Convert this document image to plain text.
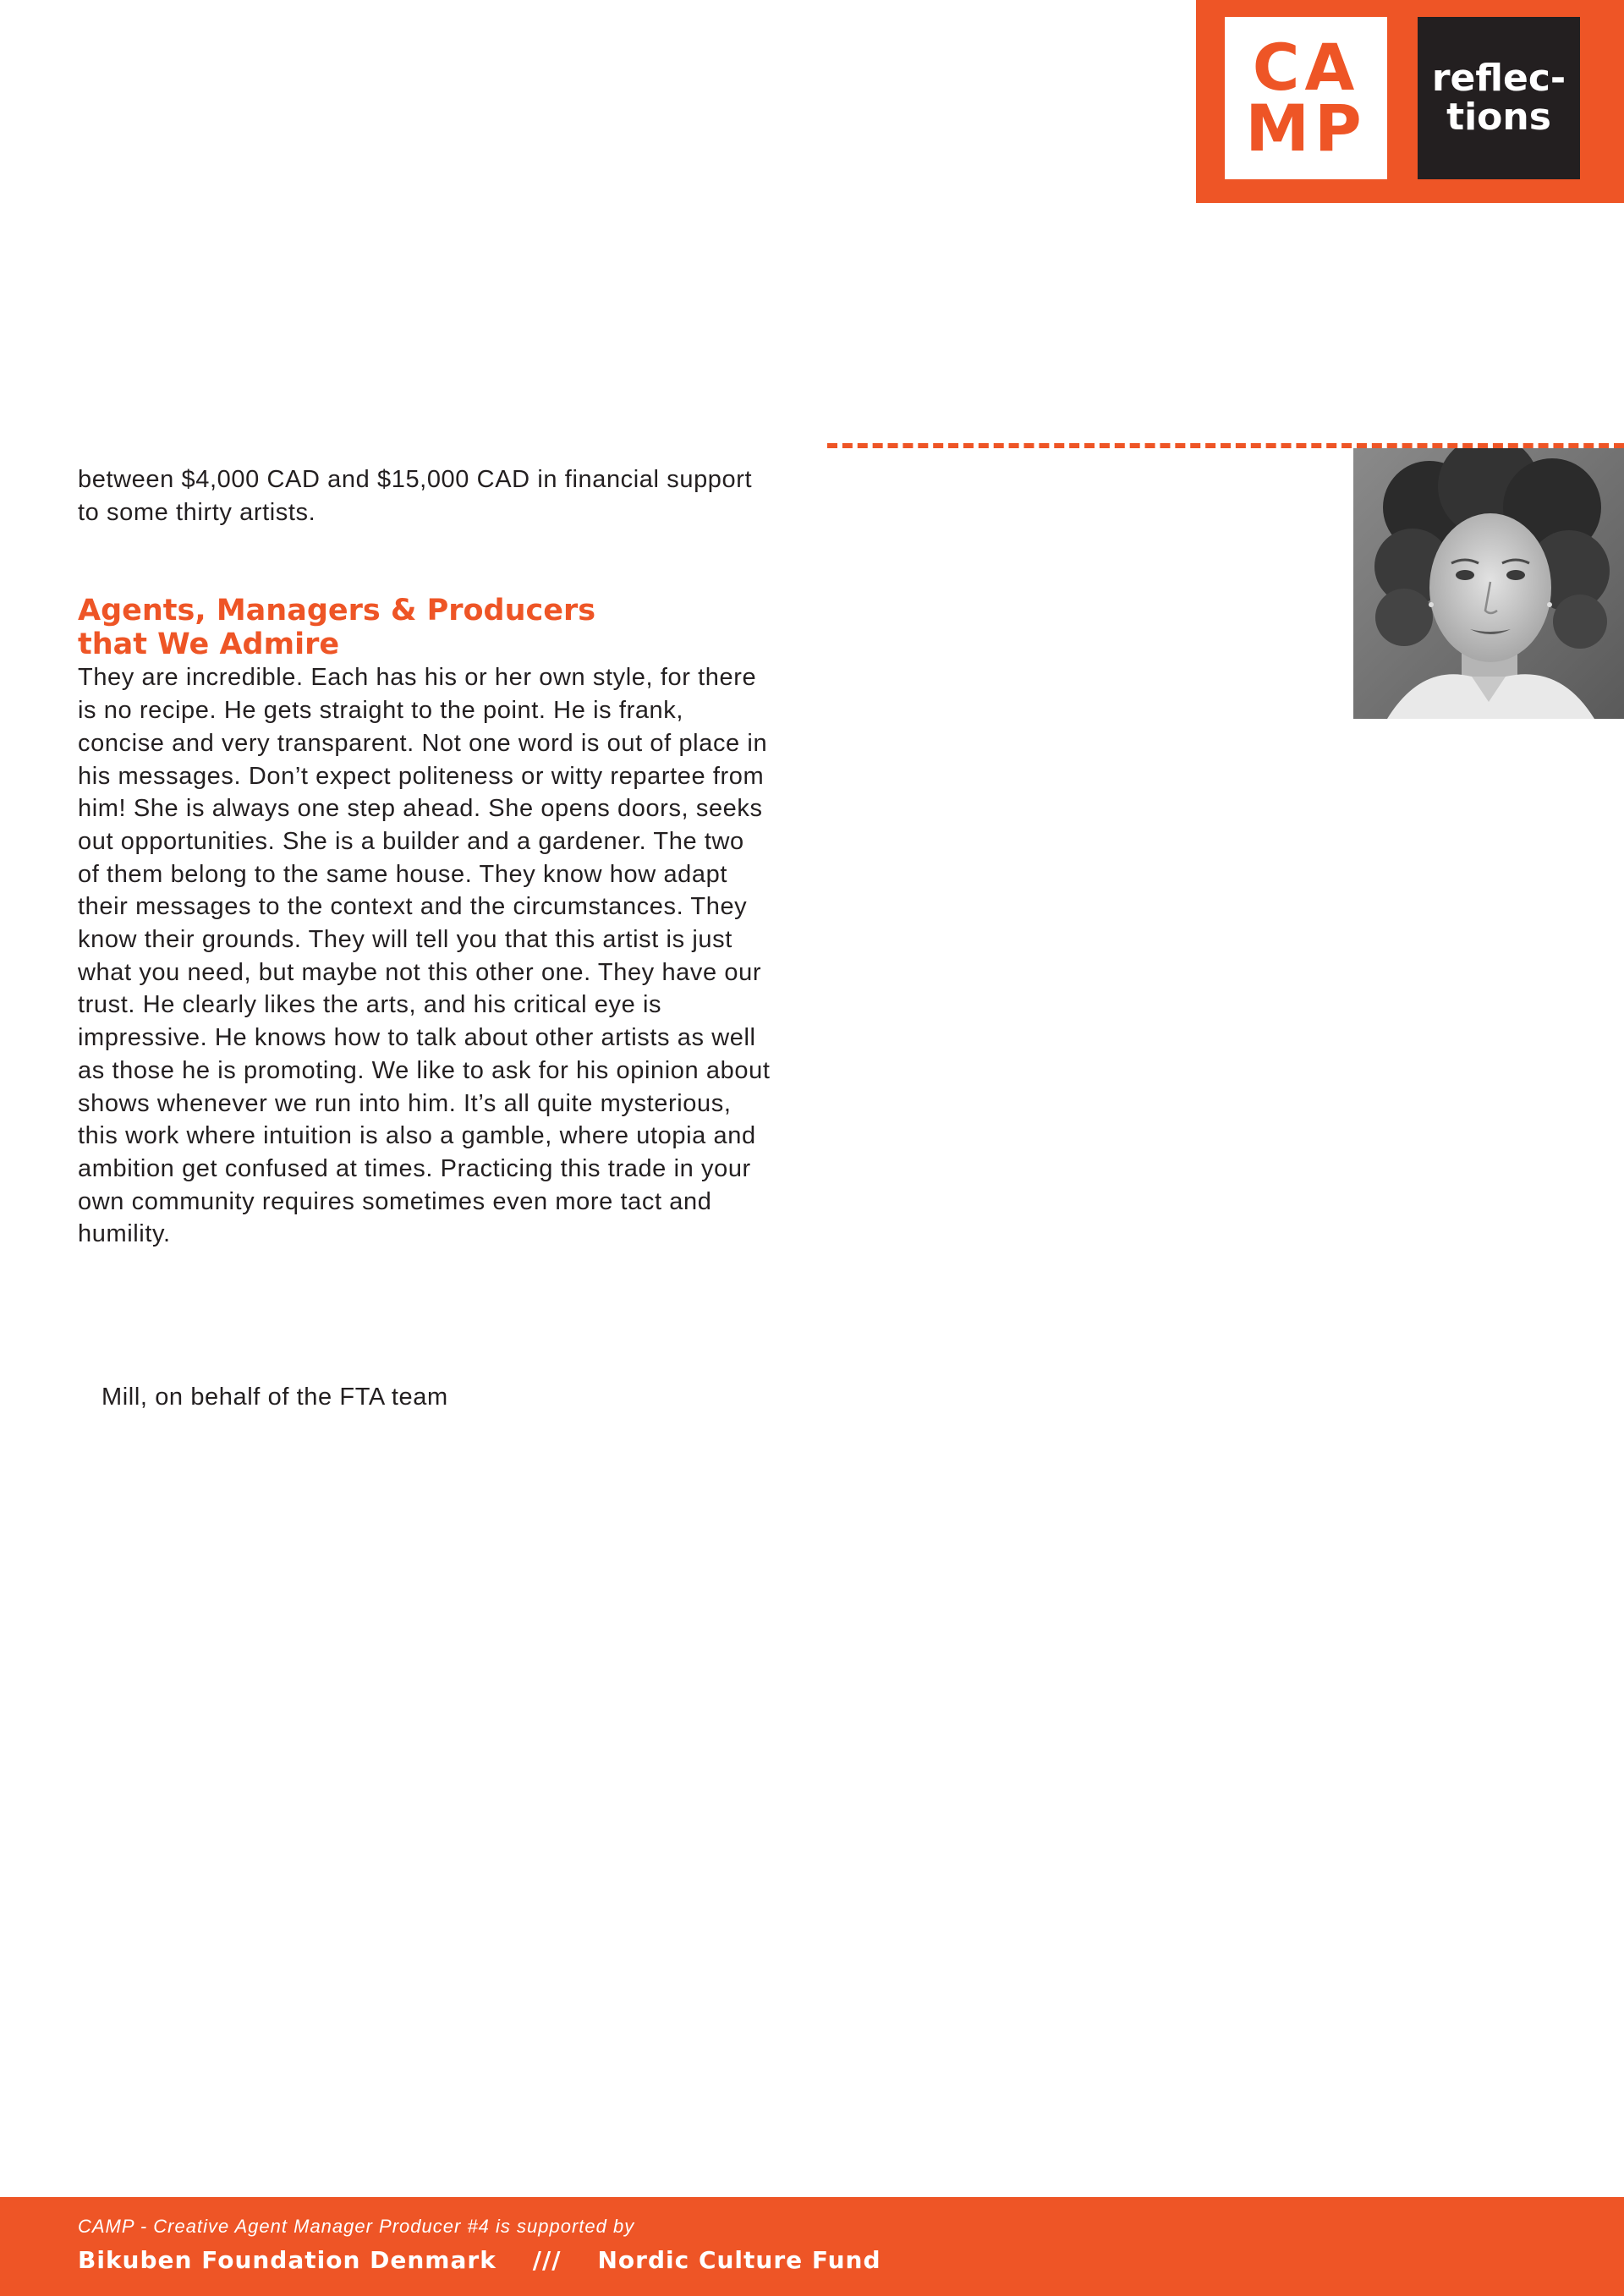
CA
MP
reflec-
tions

between $4,000 CAD and $15,000 CAD in financial support to some thirty artists.

Agents, Managers & Producers
that We Admire

They are incredible. Each has his or her own style, for there is no recipe. He gets straight to the point. He is frank, concise and very transparent. Not one word is out of place in his messages. Don’t expect politeness or witty repartee from him! She is always one step ahead. She opens doors, seeks out opportunities. She is a builder and a gardener. The two of them belong to the same house. They know how adapt their messages to the context and the circumstances. They know their grounds. They will tell you that this artist is just what you need, but maybe not this other one. They have our trust. He clearly likes the arts, and his critical eye is impressive. He knows how to talk about other artists as well as those he is promoting. We like to ask for his opinion about shows whenever we run into him. It’s all quite mysterious, this work where intuition is also a gamble, where utopia and ambition get confused at times. Practicing this trade in your own community requires sometimes even more tact and humility.

Mill, on behalf of the FTA team

CAMP - Creative Agent Manager Producer #4 is supported by

Bikuben Foundation Denmark    ///    Nordic Culture Fund
